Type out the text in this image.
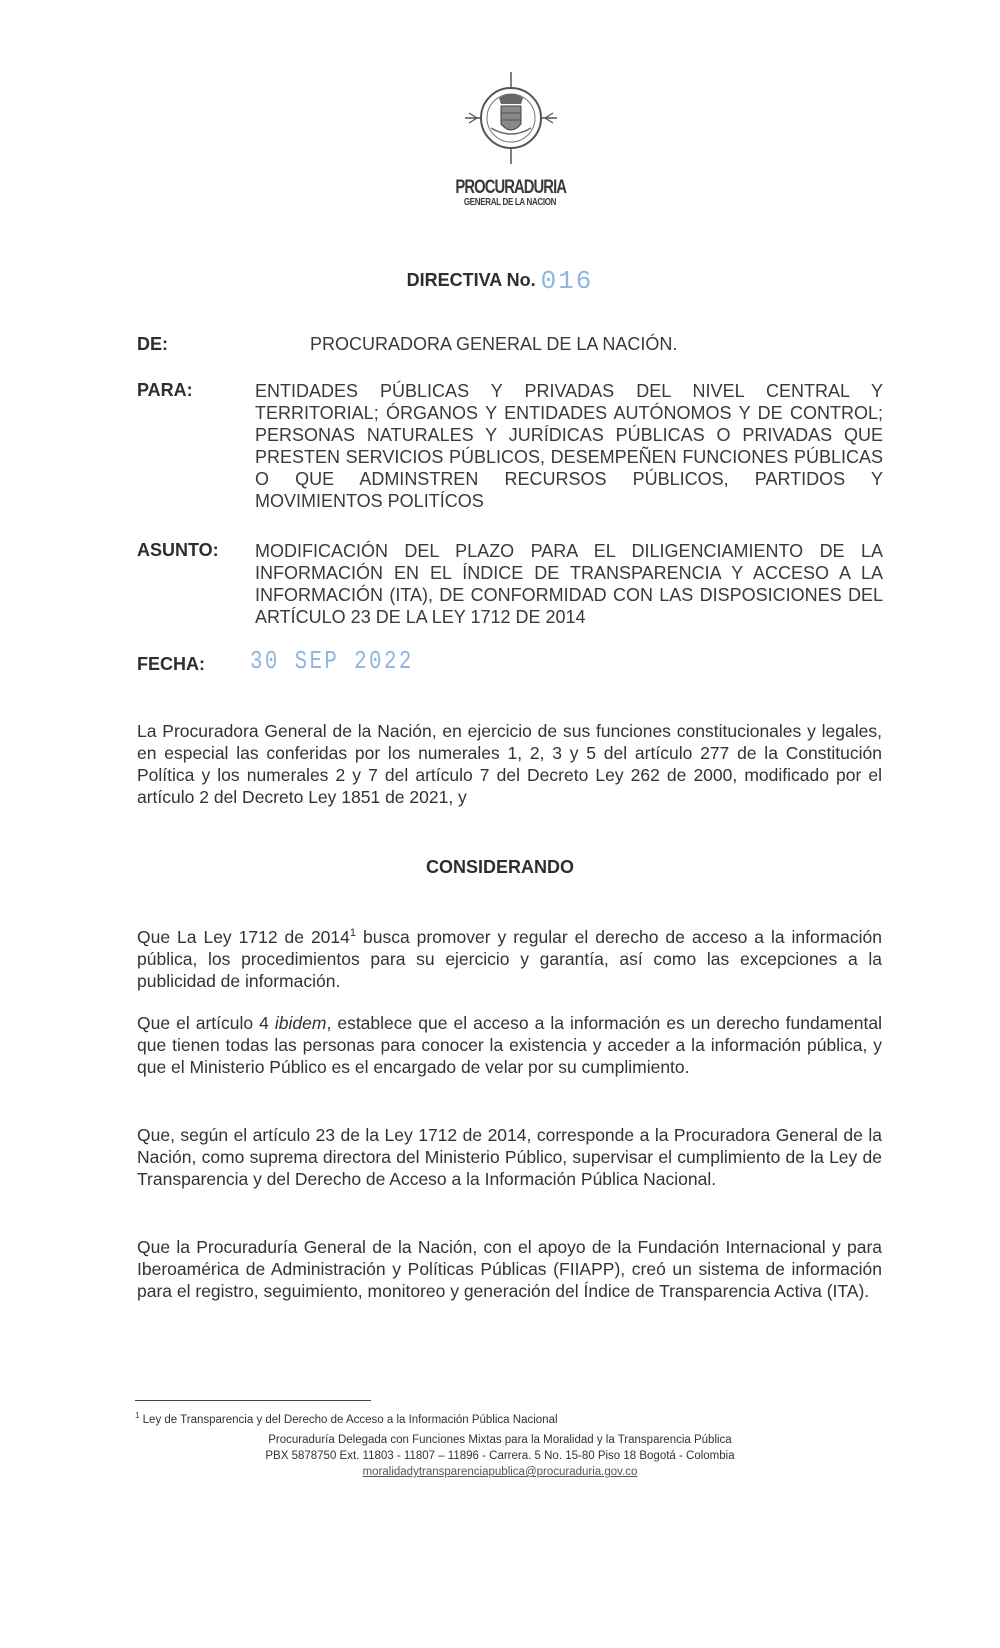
PROCURADURIA
GENERAL DE LA NACION
DIRECTIVA No. 016
DE:	PROCURADORA GENERAL DE LA NACIÓN.
PARA:	ENTIDADES PÚBLICAS Y PRIVADAS DEL NIVEL CENTRAL Y TERRITORIAL; ÓRGANOS Y ENTIDADES AUTÓNOMOS Y DE CONTROL; PERSONAS NATURALES Y JURÍDICAS PÚBLICAS O PRIVADAS QUE PRESTEN SERVICIOS PÚBLICOS, DESEMPEÑEN FUNCIONES PÚBLICAS O QUE ADMINSTREN RECURSOS PÚBLICOS, PARTIDOS Y MOVIMIENTOS POLITÍCOS
ASUNTO: MODIFICACIÓN DEL PLAZO PARA EL DILIGENCIAMIENTO DE LA INFORMACIÓN EN EL ÍNDICE DE TRANSPARENCIA Y ACCESO A LA INFORMACIÓN (ITA), DE CONFORMIDAD CON LAS DISPOSICIONES DEL ARTÍCULO 23 DE LA LEY 1712 DE 2014
FECHA: 30 SEP 2022
La Procuradora General de la Nación, en ejercicio de sus funciones constitucionales y legales, en especial las conferidas por los numerales 1, 2, 3 y 5 del artículo 277 de la Constitución Política y los numerales 2 y 7 del artículo 7 del Decreto Ley 262 de 2000, modificado por el artículo 2 del Decreto Ley 1851 de 2021, y
CONSIDERANDO
Que La Ley 1712 de 2014$^1$ busca promover y regular el derecho de acceso a la información pública, los procedimientos para su ejercicio y garantía, así como las excepciones a la publicidad de información.
Que el artículo 4 ibidem, establece que el acceso a la información es un derecho fundamental que tienen todas las personas para conocer la existencia y acceder a la información pública, y que el Ministerio Público es el encargado de velar por su cumplimiento.
Que, según el artículo 23 de la Ley 1712 de 2014, corresponde a la Procuradora General de la Nación, como suprema directora del Ministerio Público, supervisar el cumplimiento de la Ley de Transparencia y del Derecho de Acceso a la Información Pública Nacional.
Que la Procuraduría General de la Nación, con el apoyo de la Fundación Internacional y para Iberoamérica de Administración y Políticas Públicas (FIIAPP), creó un sistema de información para el registro, seguimiento, monitoreo y generación del Índice de Transparencia Activa (ITA).
$^1$ Ley de Transparencia y del Derecho de Acceso a la Información Pública Nacional
Procuraduría Delegada con Funciones Mixtas para la Moralidad y la Transparencia Pública
PBX 5878750 Ext. 11803 - 11807 – 11896 - Carrera. 5 No. 15-80 Piso 18 Bogotá - Colombia
moralidadytransparenciapublica@procuraduria.gov.co
